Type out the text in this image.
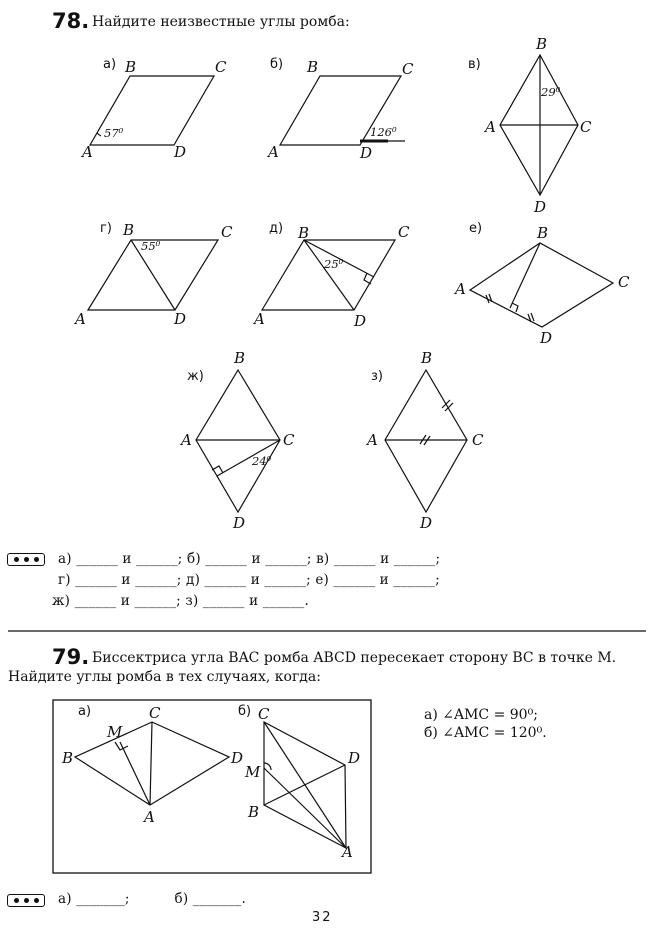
78. Найдите неизвестные углы ромба:
а) B	C
A	D
57⁰
б) B	C
A	D
126⁰
в)
B
C
A
D
29⁰
г) B	C
A	D
55⁰
д) B	C
A	D
25⁰
е)	B
C
A
D
ж)
B
C
A
D
24⁰
з)
B
C
A
D
а)	C
M
B	D
A
б) C
M
B
D
A
а) ______ и ______; б) ______ и ______; в) ______ и ______;
г) ______ и ______; д) ______ и ______; е) ______ и ______;
ж) ______ и ______; з) ______ и ______.
79. Биссектриса угла BAC ромба ABCD пересекает сторону BC в точке M.
Найдите углы ромба в тех случаях, когда:
а) ∠AMC = 90⁰;
б) ∠AMC = 120⁰.
а) _______;          б) _______.
32
